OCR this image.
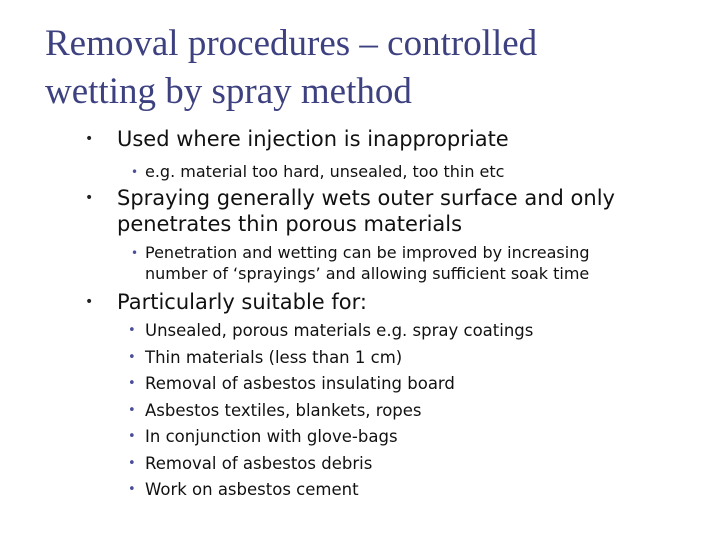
Removal procedures – controlled
wetting by spray method
• Used where injection is inappropriate
• e.g. material too hard, unsealed, too thin etc
• Spraying generally wets outer surface and only
penetrates thin porous materials
• Penetration and wetting can be improved by increasing
number of ‘sprayings’ and allowing sufficient soak time
• Particularly suitable for:
• Unsealed, porous materials e.g. spray coatings
• Thin materials (less than 1 cm)
• Removal of asbestos insulating board
• Asbestos textiles, blankets, ropes
• In conjunction with glove-bags
• Removal of asbestos debris
• Work on asbestos cement
